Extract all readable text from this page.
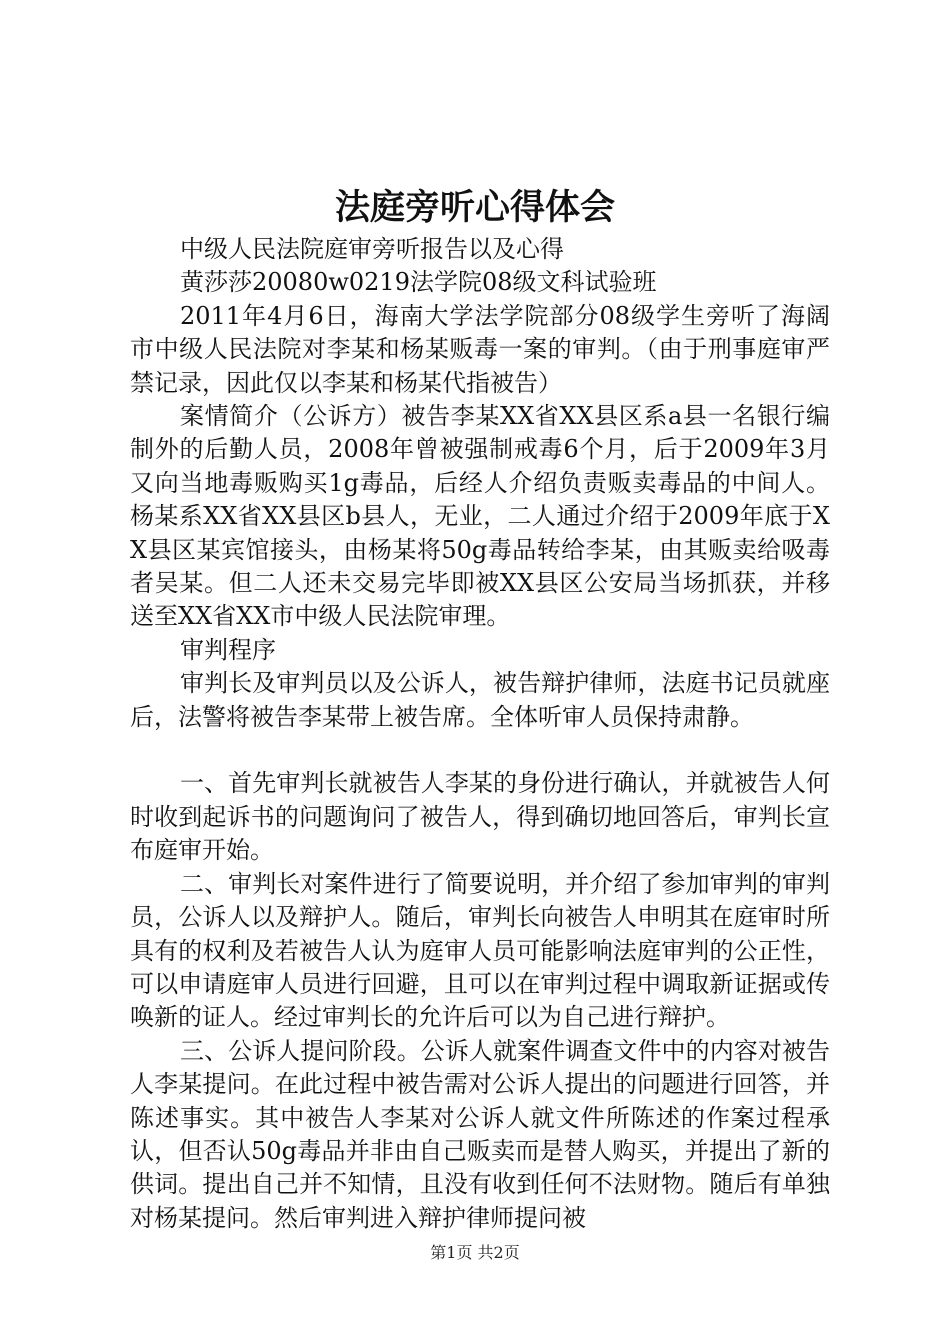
法庭旁听心得体会

中级人民法院庭审旁听报告以及心得

黄莎莎20080w0219法学院08级文科试验班

2011年4月6日，海南大学法学院部分08级学生旁听了海阔市中级人民法院对李某和杨某贩毒一案的审判。（由于刑事庭审严禁记录，因此仅以李某和杨某代指被告）

案情简介（公诉方）被告李某XX省XX县区系a县一名银行编制外的后勤人员，2008年曾被强制戒毒6个月，后于2009年3月又向当地毒贩购买1g毒品，后经人介绍负责贩卖毒品的中间人。杨某系XX省XX县区b县人，无业，二人通过介绍于2009年底于XX县区某宾馆接头，由杨某将50g毒品转给李某，由其贩卖给吸毒者吴某。但二人还未交易完毕即被XX县区公安局当场抓获，并移送至XX省XX市中级人民法院审理。

审判程序

审判长及审判员以及公诉人，被告辩护律师，法庭书记员就座后，法警将被告李某带上被告席。全体听审人员保持肃静。

一、首先审判长就被告人李某的身份进行确认，并就被告人何时收到起诉书的问题询问了被告人，得到确切地回答后，审判长宣布庭审开始。

二、审判长对案件进行了简要说明，并介绍了参加审判的审判员，公诉人以及辩护人。随后，审判长向被告人申明其在庭审时所具有的权利及若被告人认为庭审人员可能影响法庭审判的公正性，可以申请庭审人员进行回避，且可以在审判过程中调取新证据或传唤新的证人。经过审判长的允许后可以为自己进行辩护。

三、公诉人提问阶段。公诉人就案件调查文件中的内容对被告人李某提问。在此过程中被告需对公诉人提出的问题进行回答，并陈述事实。其中被告人李某对公诉人就文件所陈述的作案过程承认，但否认50g毒品并非由自己贩卖而是替人购买，并提出了新的供词。提出自己并不知情，且没有收到任何不法财物。随后有单独对杨某提问。然后审判进入辩护律师提问被

第1页 共2页
